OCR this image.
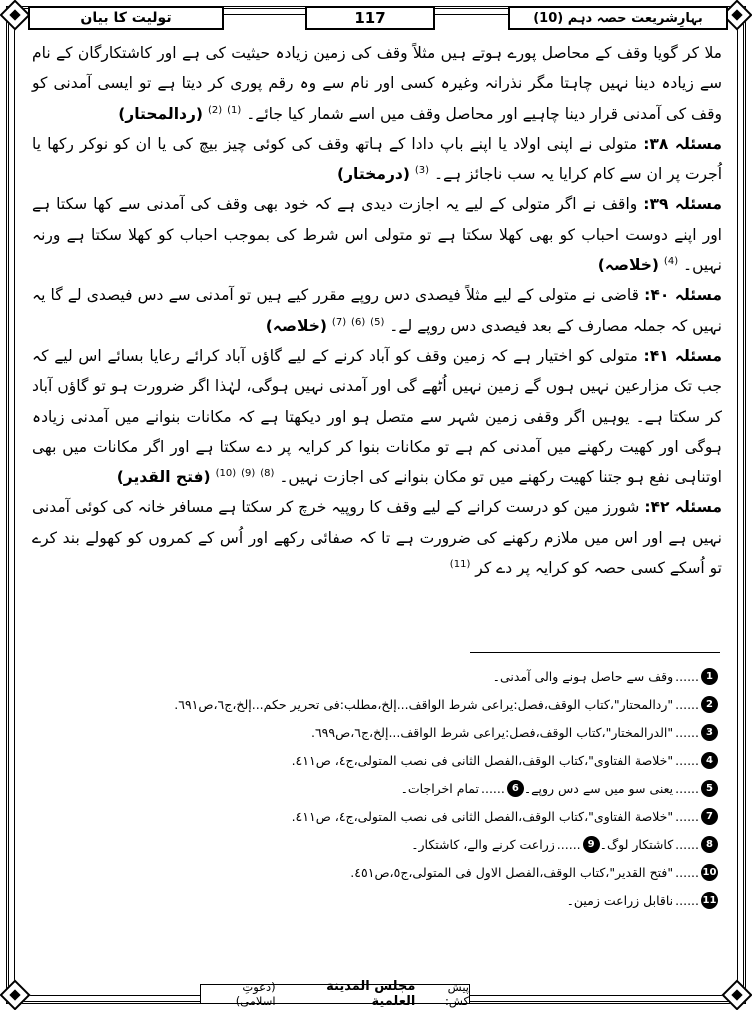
بہارِشریعت حصہ دہم (10)
117
تولیت کا بیان

ملا کر گویا وقف کے محاصل پورے ہوتے ہیں مثلاً وقف کی زمین زیادہ حیثیت کی ہے اور کاشتکارگان کے نام سے زیادہ دینا نہیں چاہتا مگر نذرانہ وغیرہ کسی اور نام سے وہ رقم پوری کر دیتا ہے تو ایسی آمدنی کو وقف کی آمدنی قرار دینا چاہیے اور محاصل وقف میں اسے شمار کیا جائے۔ $^{(1)}$ $^{(2)}$ (ردالمحتار)

مسئلہ ۳۸: متولی نے اپنی اولاد یا اپنے باپ دادا کے ہاتھ وقف کی کوئی چیز بیچ کی یا ان کو نوکر رکھا یا اُجرت پر ان سے کام کرایا یہ سب ناجائز ہے۔ $^{(3)}$ (درمختار)

مسئلہ ۳۹: واقف نے اگر متولی کے لیے یہ اجازت دیدی ہے کہ خود بھی وقف کی آمدنی سے کھا سکتا ہے اور اپنے دوست احباب کو بھی کھلا سکتا ہے تو متولی اس شرط کی بموجب احباب کو کھلا سکتا ہے ورنہ نہیں۔ $^{(4)}$ (خلاصہ)

مسئلہ ۴۰: قاضی نے متولی کے لیے مثلاً فیصدی دس روپے مقرر کیے ہیں تو آمدنی سے دس فیصدی لے گا یہ نہیں کہ جملہ مصارف کے بعد فیصدی دس روپے لے۔ $^{(5)}$ $^{(6)}$ $^{(7)}$ (خلاصہ)

مسئلہ ۴۱: متولی کو اختیار ہے کہ زمین وقف کو آباد کرنے کے لیے گاؤں آباد کرائے رعایا بسائے اس لیے کہ جب تک مزارعین نہیں ہوں گے زمین نہیں اُٹھے گی اور آمدنی نہیں ہوگی، لہٰذا اگر ضرورت ہو تو گاؤں آباد کر سکتا ہے۔ یوہیں اگر وقفی زمین شہر سے متصل ہو اور دیکھتا ہے کہ مکانات بنوانے میں آمدنی زیادہ ہوگی اور کھیت رکھنے میں آمدنی کم ہے تو مکانات بنوا کر کرایہ پر دے سکتا ہے اور اگر مکانات میں بھی اوتناہی نفع ہو جتنا کھیت رکھنے میں تو مکان بنوانے کی اجازت نہیں۔ $^{(8)}$ $^{(9)}$ $^{(10)}$ (فتح القدیر)

مسئلہ ۴۲: شورز مین کو درست کرانے کے لیے وقف کا روپیہ خرچ کر سکتا ہے مسافر خانہ کی کوئی آمدنی نہیں ہے اور اس میں ملازم رکھنے کی ضرورت ہے تا کہ صفائی رکھے اور اُس کے کمروں کو کھولے بند کرے تو اُسکے کسی حصہ کو کرایہ پر دے کر $^{(11)}$

1
......
وقف سے حاصل ہونے والی آمدنی۔
2
......
"ردالمحتار"،كتاب الوقف،فصل:يراعى شرط الواقف...إلخ،مطلب:فى تحرير حكم...إلخ،ج٦،ص٦٩١.
3
......
"الدرالمختار"،كتاب الوقف،فصل:يراعى شرط الواقف...إلخ،ج٦،ص٦٩٩.
4
......
"خلاصة الفتاوى"،كتاب الوقف،الفصل الثانى فى نصب المتولى،ج٤، ص٤١١.
5
......
یعنی سو میں سے دس روپے۔
6
......
تمام اخراجات۔
7
......
"خلاصة الفتاوى"،كتاب الوقف،الفصل الثانى فى نصب المتولى،ج٤، ص٤١١.
8
......
کاشتکار لوگ۔
9
......
زراعت کرنے والے، کاشتکار۔
10
......
"فتح القدير"،كتاب الوقف،الفصل الاول فى المتولى،ج٥،ص٤٥١.
11
......
ناقابل زراعت زمین۔
پیش کش:
مجلس المدينة العلمية
(دعوتِ اسلامی)
